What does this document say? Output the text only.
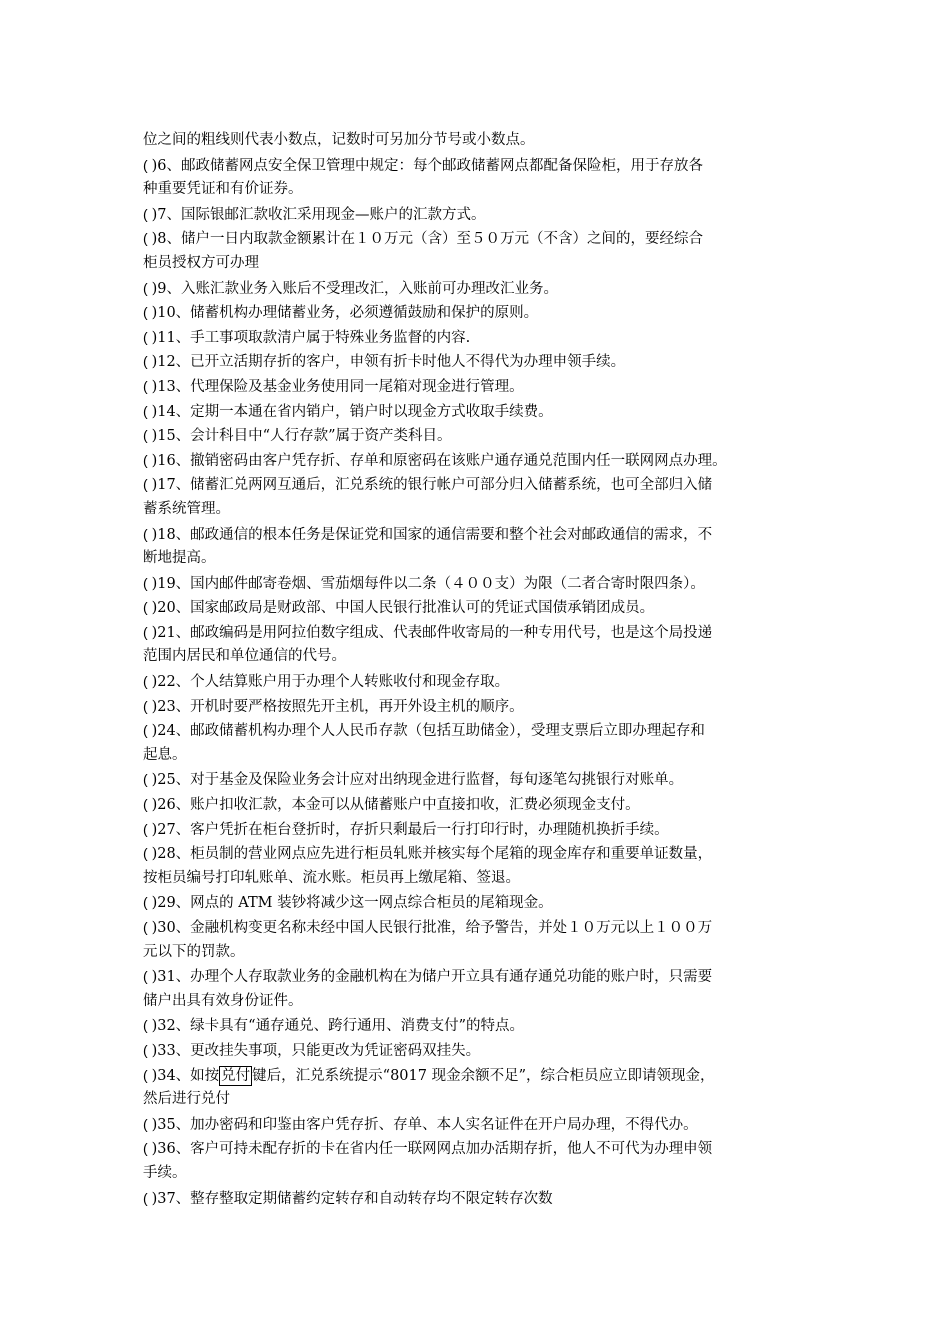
位之间的粗线则代表小数点，记数时可另加分节号或小数点。
( )6、邮政储蓄网点安全保卫管理中规定：每个邮政储蓄网点都配备保险柜，用于存放各
种重要凭证和有价证券。
( )7、国际银邮汇款收汇采用现金—账户的汇款方式。
( )8、储户一日内取款金额累计在１０万元（含）至５０万元（不含）之间的，要经综合
柜员授权方可办理
( )9、入账汇款业务入账后不受理改汇，入账前可办理改汇业务。
( )10、储蓄机构办理储蓄业务，必须遵循鼓励和保护的原则。
( )11、手工事项取款清户属于特殊业务监督的内容.
( )12、已开立活期存折的客户，申领有折卡时他人不得代为办理申领手续。
( )13、代理保险及基金业务使用同一尾箱对现金进行管理。
( )14、定期一本通在省内销户，销户时以现金方式收取手续费。
( )15、会计科目中“人行存款”属于资产类科目。
( )16、撤销密码由客户凭存折、存单和原密码在该账户通存通兑范围内任一联网网点办理。
( )17、储蓄汇兑两网互通后，汇兑系统的银行帐户可部分归入储蓄系统，也可全部归入储
蓄系统管理。
( )18、邮政通信的根本任务是保证党和国家的通信需要和整个社会对邮政通信的需求，不
断地提高。
( )19、国内邮件邮寄卷烟、雪茄烟每件以二条（４００支）为限（二者合寄时限四条）。
( )20、国家邮政局是财政部、中国人民银行批准认可的凭证式国债承销团成员。
( )21、邮政编码是用阿拉伯数字组成、代表邮件收寄局的一种专用代号，也是这个局投递
范围内居民和单位通信的代号。
( )22、个人结算账户用于办理个人转账收付和现金存取。
( )23、开机时要严格按照先开主机，再开外设主机的顺序。
( )24、邮政储蓄机构办理个人人民币存款（包括互助储金），受理支票后立即办理起存和
起息。
( )25、对于基金及保险业务会计应对出纳现金进行监督，每旬逐笔勾挑银行对账单。
( )26、账户扣收汇款，本金可以从储蓄账户中直接扣收，汇费必须现金支付。
( )27、客户凭折在柜台登折时，存折只剩最后一行打印行时，办理随机换折手续。
( )28、柜员制的营业网点应先进行柜员轧账并核实每个尾箱的现金库存和重要单证数量，
按柜员编号打印轧账单、流水账。柜员再上缴尾箱、签退。
( )29、网点的 ATM 装钞将减少这一网点综合柜员的尾箱现金。
( )30、金融机构变更名称未经中国人民银行批准，给予警告，并处１０万元以上１００万
元以下的罚款。
( )31、办理个人存取款业务的金融机构在为储户开立具有通存通兑功能的账户时，只需要
储户出具有效身份证件。
( )32、绿卡具有“通存通兑、跨行通用、消费支付”的特点。
( )33、更改挂失事项，只能更改为凭证密码双挂失。
( )34、如按 兑付 键后，汇兑系统提示“8017 现金余额不足”，综合柜员应立即请领现金，
然后进行兑付
( )35、加办密码和印鉴由客户凭存折、存单、本人实名证件在开户局办理，不得代办。
( )36、客户可持未配存折的卡在省内任一联网网点加办活期存折，他人不可代为办理申领
手续。
( )37、整存整取定期储蓄约定转存和自动转存均不限定转存次数
